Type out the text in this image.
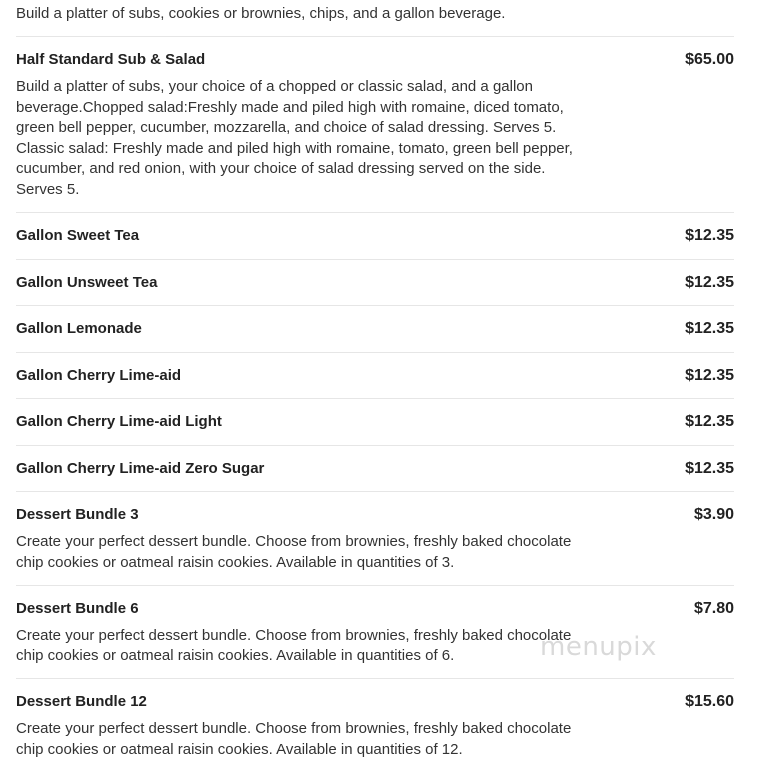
Build a platter of subs, cookies or brownies, chips, and a gallon beverage.
Half Standard Sub & Salad	$65.00
Build a platter of subs, your choice of a chopped or classic salad, and a gallon beverage.Chopped salad:Freshly made and piled high with romaine, diced tomato, green bell pepper, cucumber, mozzarella, and choice of salad dressing. Serves 5. Classic salad: Freshly made and piled high with romaine, tomato, green bell pepper, cucumber, and red onion, with your choice of salad dressing served on the side. Serves 5.
Gallon Sweet Tea	$12.35
Gallon Unsweet Tea	$12.35
Gallon Lemonade	$12.35
Gallon Cherry Lime-aid	$12.35
Gallon Cherry Lime-aid Light	$12.35
Gallon Cherry Lime-aid Zero Sugar	$12.35
Dessert Bundle 3	$3.90
Create your perfect dessert bundle. Choose from brownies, freshly baked chocolate chip cookies or oatmeal raisin cookies. Available in quantities of 3.
Dessert Bundle 6	$7.80
Create your perfect dessert bundle. Choose from brownies, freshly baked chocolate chip cookies or oatmeal raisin cookies. Available in quantities of 6.
Dessert Bundle 12	$15.60
Create your perfect dessert bundle. Choose from brownies, freshly baked chocolate chip cookies or oatmeal raisin cookies. Available in quantities of 12.
menupix
